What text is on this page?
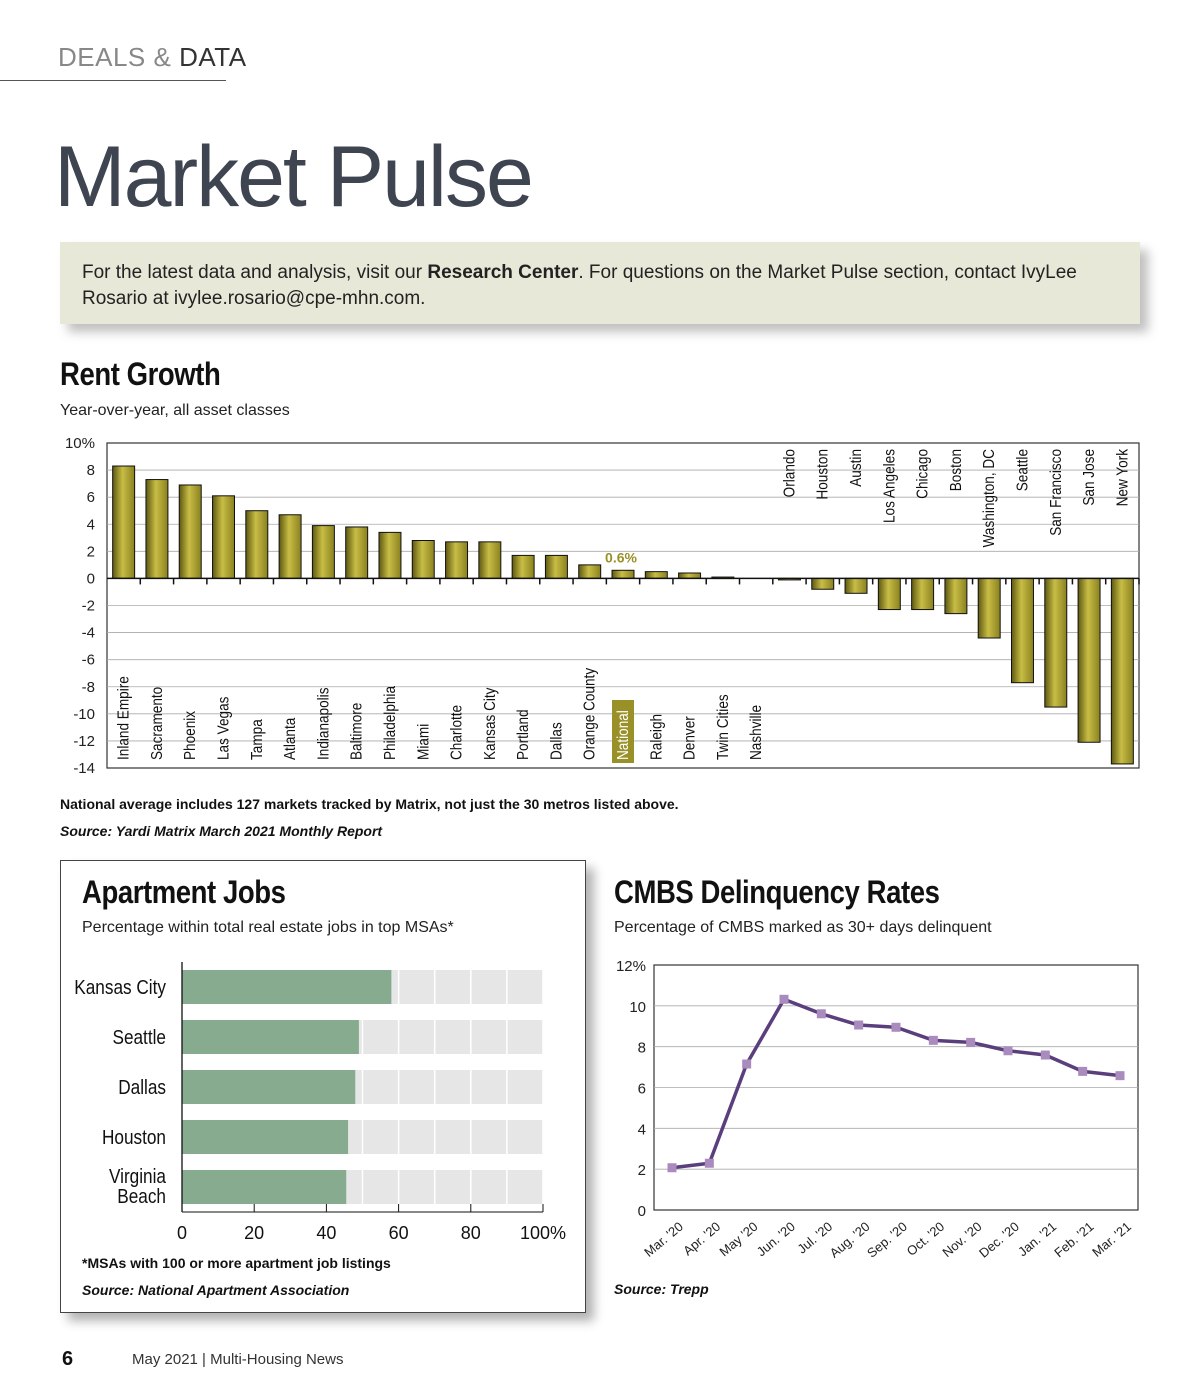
DEALS & DATA
Market Pulse
For the latest data and analysis, visit our Research Center. For questions on the Market Pulse section, contact IvyLee Rosario at ivylee.rosario@cpe-mhn.com.
Rent Growth
Year-over-year, all asset classes
10%
8
6
4
2
0
-2
-4
-6
-8
-10
-12
-14
Inland Empire Sacramento Phoenix Las Vegas Tampa Atlanta Indianapolis Baltimore Philadelphia Miami Charlotte Kansas City Portland Dallas Orange County National Raleigh Denver Twin Cities Nashville
Orlando Houston Austin Los Angeles Chicago Boston Washington, DC Seattle San Francisco San Jose New York
0.6%
National average includes 127 markets tracked by Matrix, not just the 30 metros listed above.
Source: Yardi Matrix March 2021 Monthly Report
Apartment Jobs
Percentage within total real estate jobs in top MSAs*
Kansas City
Seattle
Dallas
Houston
Virginia
Beach
0	20	40	60	80 100%
*MSAs with 100 or more apartment job listings
Source: National Apartment Association
CMBS Delinquency Rates
Percentage of CMBS marked as 30+ days delinquent
12%
10
8
6
4
2
0
Mar. '20
Apr. '20
May '20
Jun. '20
Jul. '20
Aug. '20
Sep. '20
Oct. '20
Nov. '20
Dec. '20
Jan. '21
Feb. '21
Mar. '21
Source: Trepp
6	May 2021 | Multi-Housing News
